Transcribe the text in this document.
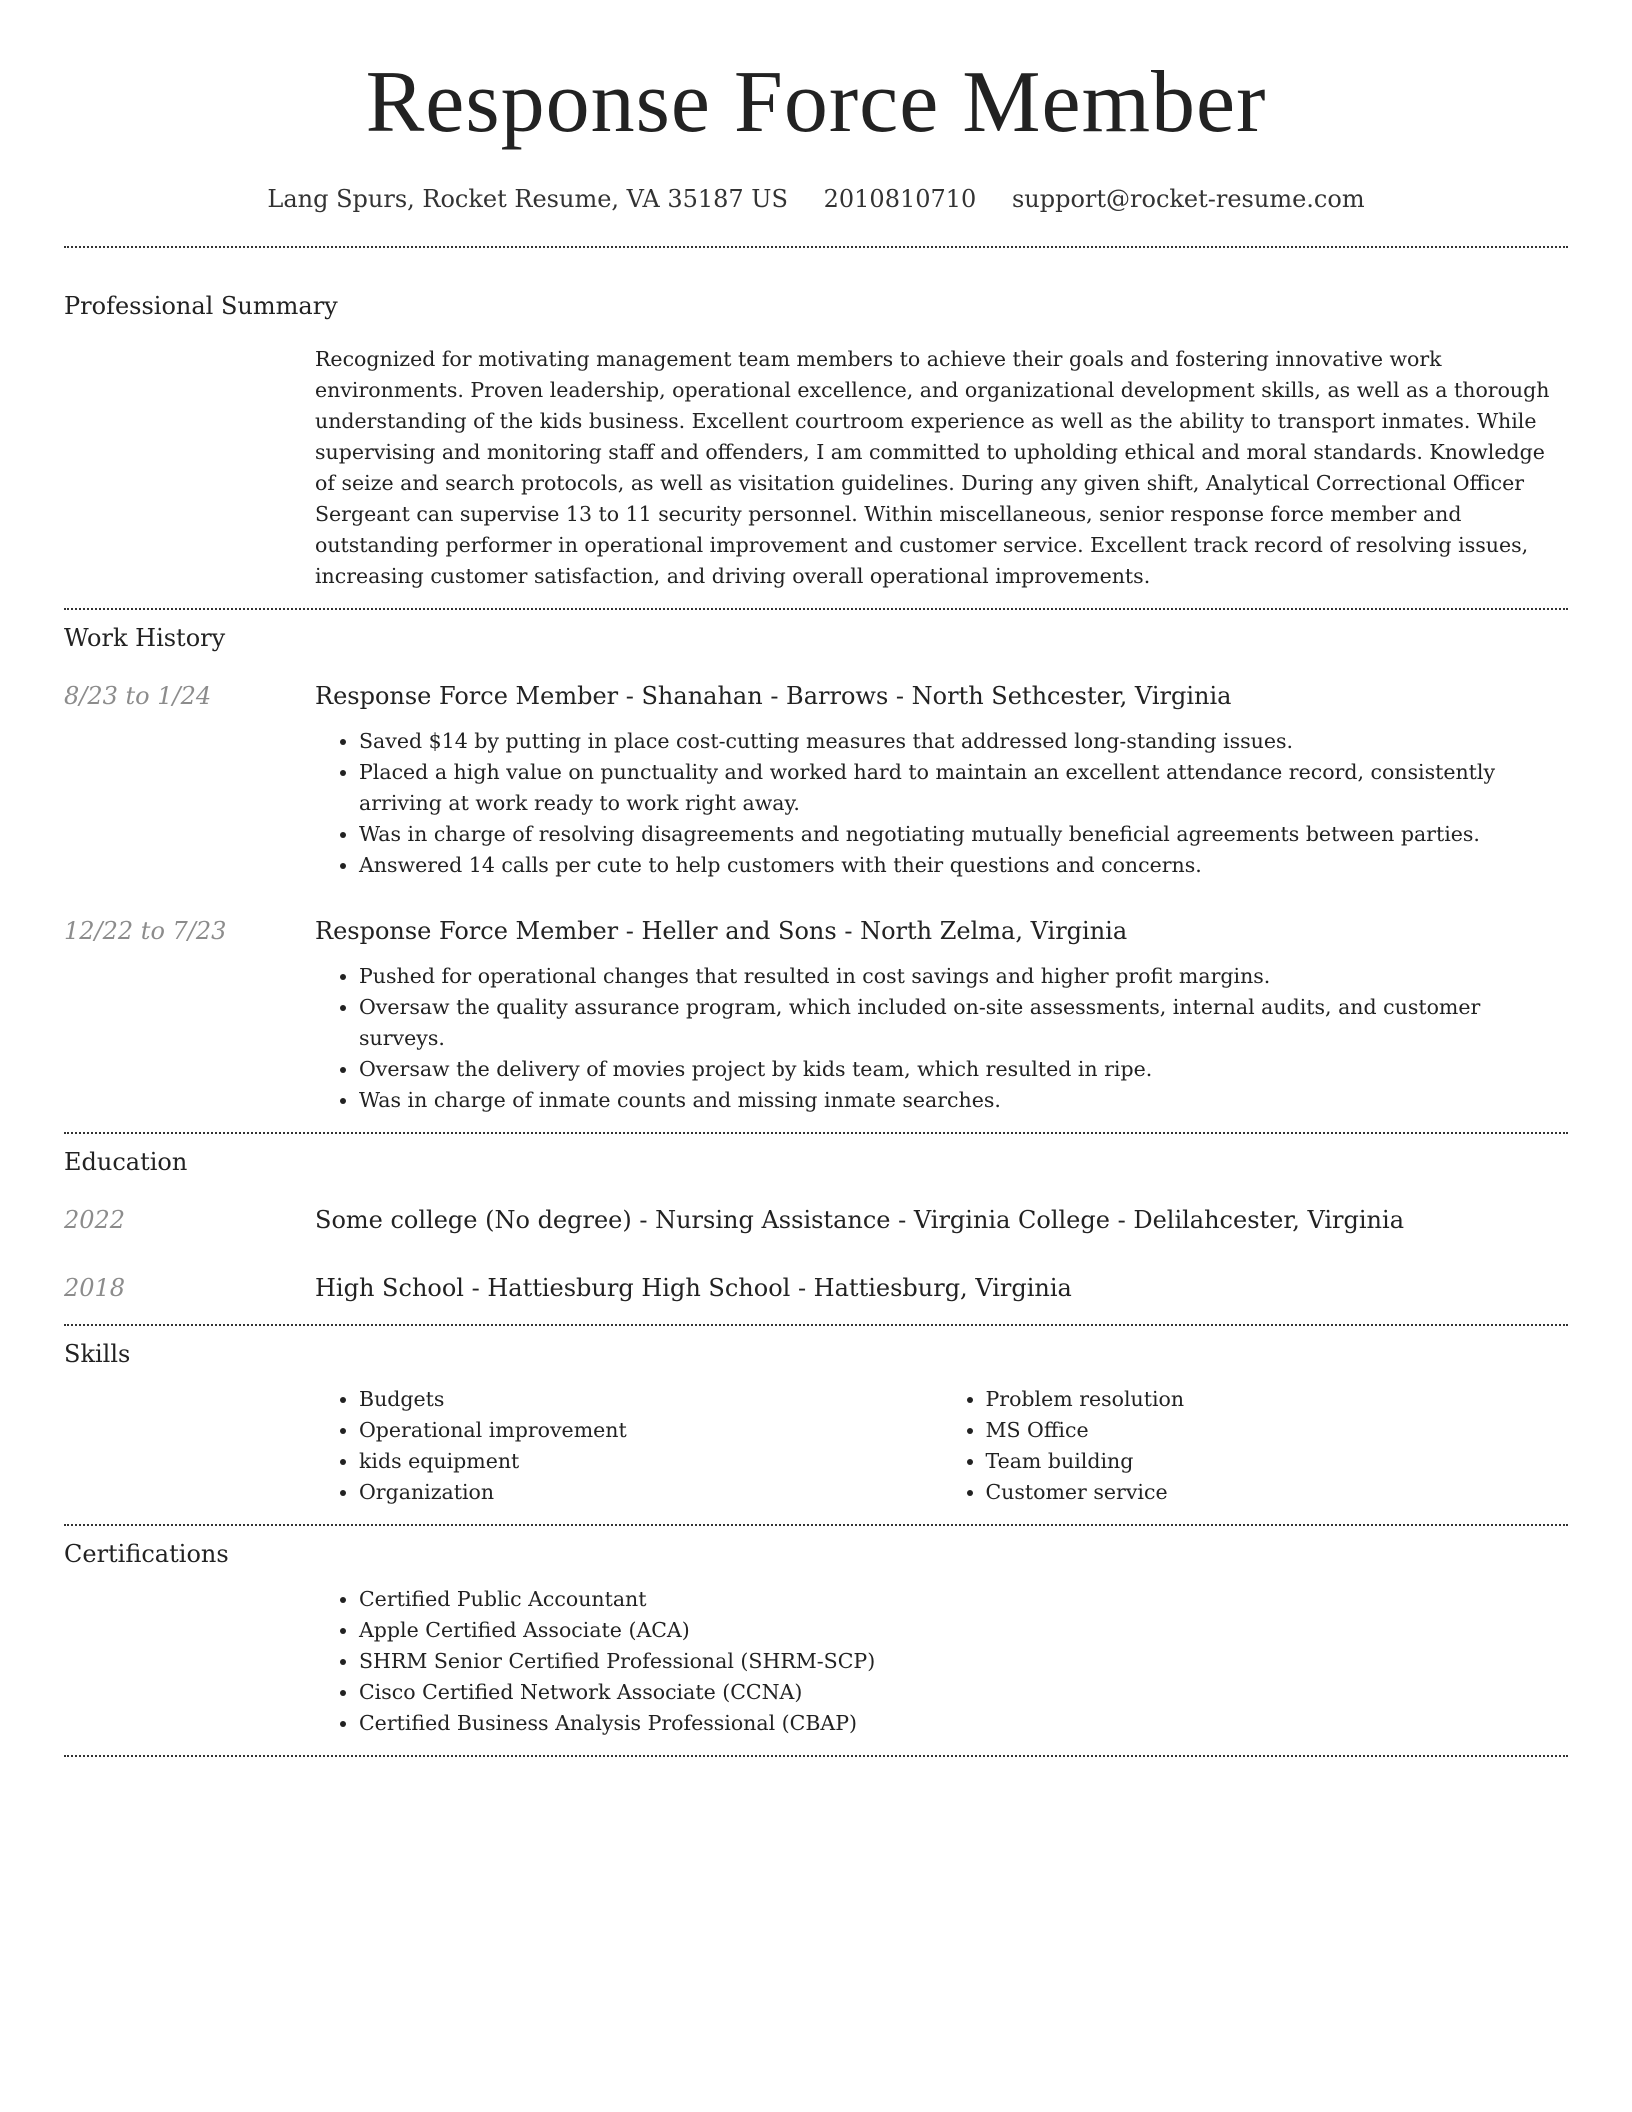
Response Force Member
Lang Spurs, Rocket Resume, VA 35187 US 2010810710 support@rocket-resume.com
Professional Summary

Recognized for motivating management team members to achieve their goals and fostering innovative work environments. Proven leadership, operational excellence, and organizational development skills, as well as a thorough understanding of the kids business. Excellent courtroom experience as well as the ability to transport inmates. While supervising and monitoring staff and offenders, I am committed to upholding ethical and moral standards. Knowledge of seize and search protocols, as well as visitation guidelines. During any given shift, Analytical Correctional Officer Sergeant can supervise 13 to 11 security personnel. Within miscellaneous, senior response force member and outstanding performer in operational improvement and customer service. Excellent track record of resolving issues, increasing customer satisfaction, and driving overall operational improvements.

Work History
8/23 to 1/24	Response Force Member - Shanahan - Barrows - North Sethcester, Virginia
• Saved $14 by putting in place cost-cutting measures that addressed long-standing issues.
• Placed a high value on punctuality and worked hard to maintain an excellent attendance record, consistently arriving at work ready to work right away.
• Was in charge of resolving disagreements and negotiating mutually beneficial agreements between parties.
• Answered 14 calls per cute to help customers with their questions and concerns.
12/22 to 7/23	Response Force Member - Heller and Sons - North Zelma, Virginia
• Pushed for operational changes that resulted in cost savings and higher profit margins.
• Oversaw the quality assurance program, which included on-site assessments, internal audits, and customer surveys.
• Oversaw the delivery of movies project by kids team, which resulted in ripe.
• Was in charge of inmate counts and missing inmate searches.
Education
2022	Some college (No degree) - Nursing Assistance - Virginia College - Delilahcester, Virginia
2018	High School - Hattiesburg High School - Hattiesburg, Virginia
Skills
• Budgets
• Operational improvement
• kids equipment
• Organization
• Problem resolution
• MS Office
• Team building
• Customer service
Certifications
• Certified Public Accountant
• Apple Certified Associate (ACA)
• SHRM Senior Certified Professional (SHRM-SCP)
• Cisco Certified Network Associate (CCNA)
• Certified Business Analysis Professional (CBAP)
